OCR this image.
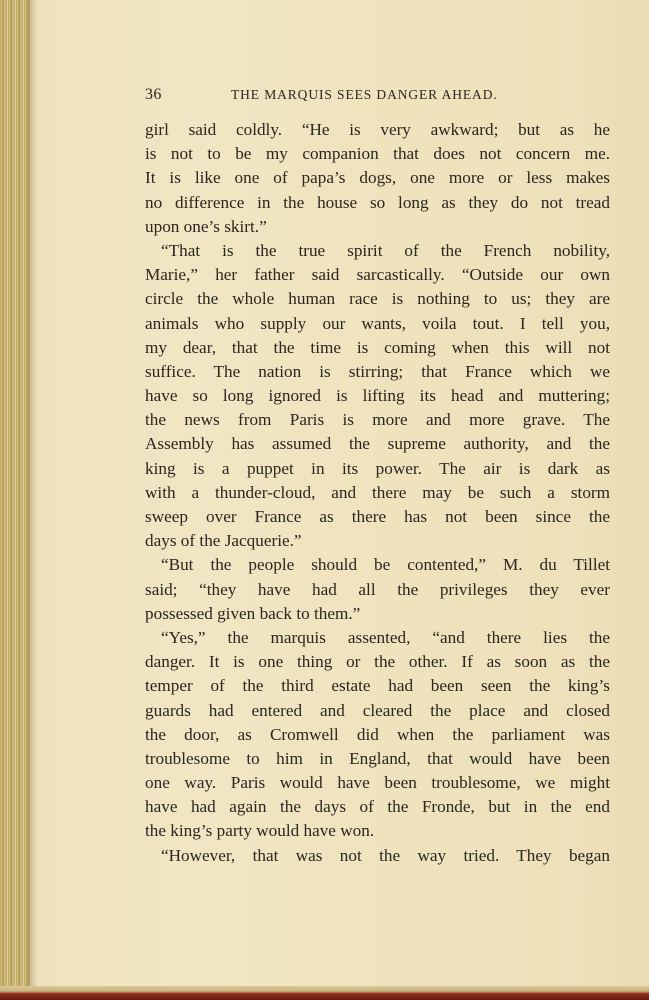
36	THE MARQUIS SEES DANGER AHEAD.
girl said coldly. “He is very awkward; but as he
is not to be my companion that does not concern me.
It is like one of papa’s dogs, one more or less makes
no difference in the house so long as they do not tread
upon one’s skirt.”
“That is the true spirit of the French nobility,
Marie,” her father said sarcastically. “Outside our own
circle the whole human race is nothing to us; they are
animals who supply our wants, voila tout. I tell you,
my dear, that the time is coming when this will not
suffice. The nation is stirring; that France which we
have so long ignored is lifting its head and muttering;
the news from Paris is more and more grave. The
Assembly has assumed the supreme authority, and the
king is a puppet in its power. The air is dark as
with a thunder-cloud, and there may be such a storm
sweep over France as there has not been since the
days of the Jacquerie.”
“But the people should be contented,” M. du Tillet
said; “they have had all the privileges they ever
possessed given back to them.”
“Yes,” the marquis assented, “and there lies the
danger. It is one thing or the other. If as soon as the
temper of the third estate had been seen the king’s
guards had entered and cleared the place and closed
the door, as Cromwell did when the parliament was
troublesome to him in England, that would have been
one way. Paris would have been troublesome, we might
have had again the days of the Fronde, but in the end
the king’s party would have won.
“However, that was not the way tried. They began
